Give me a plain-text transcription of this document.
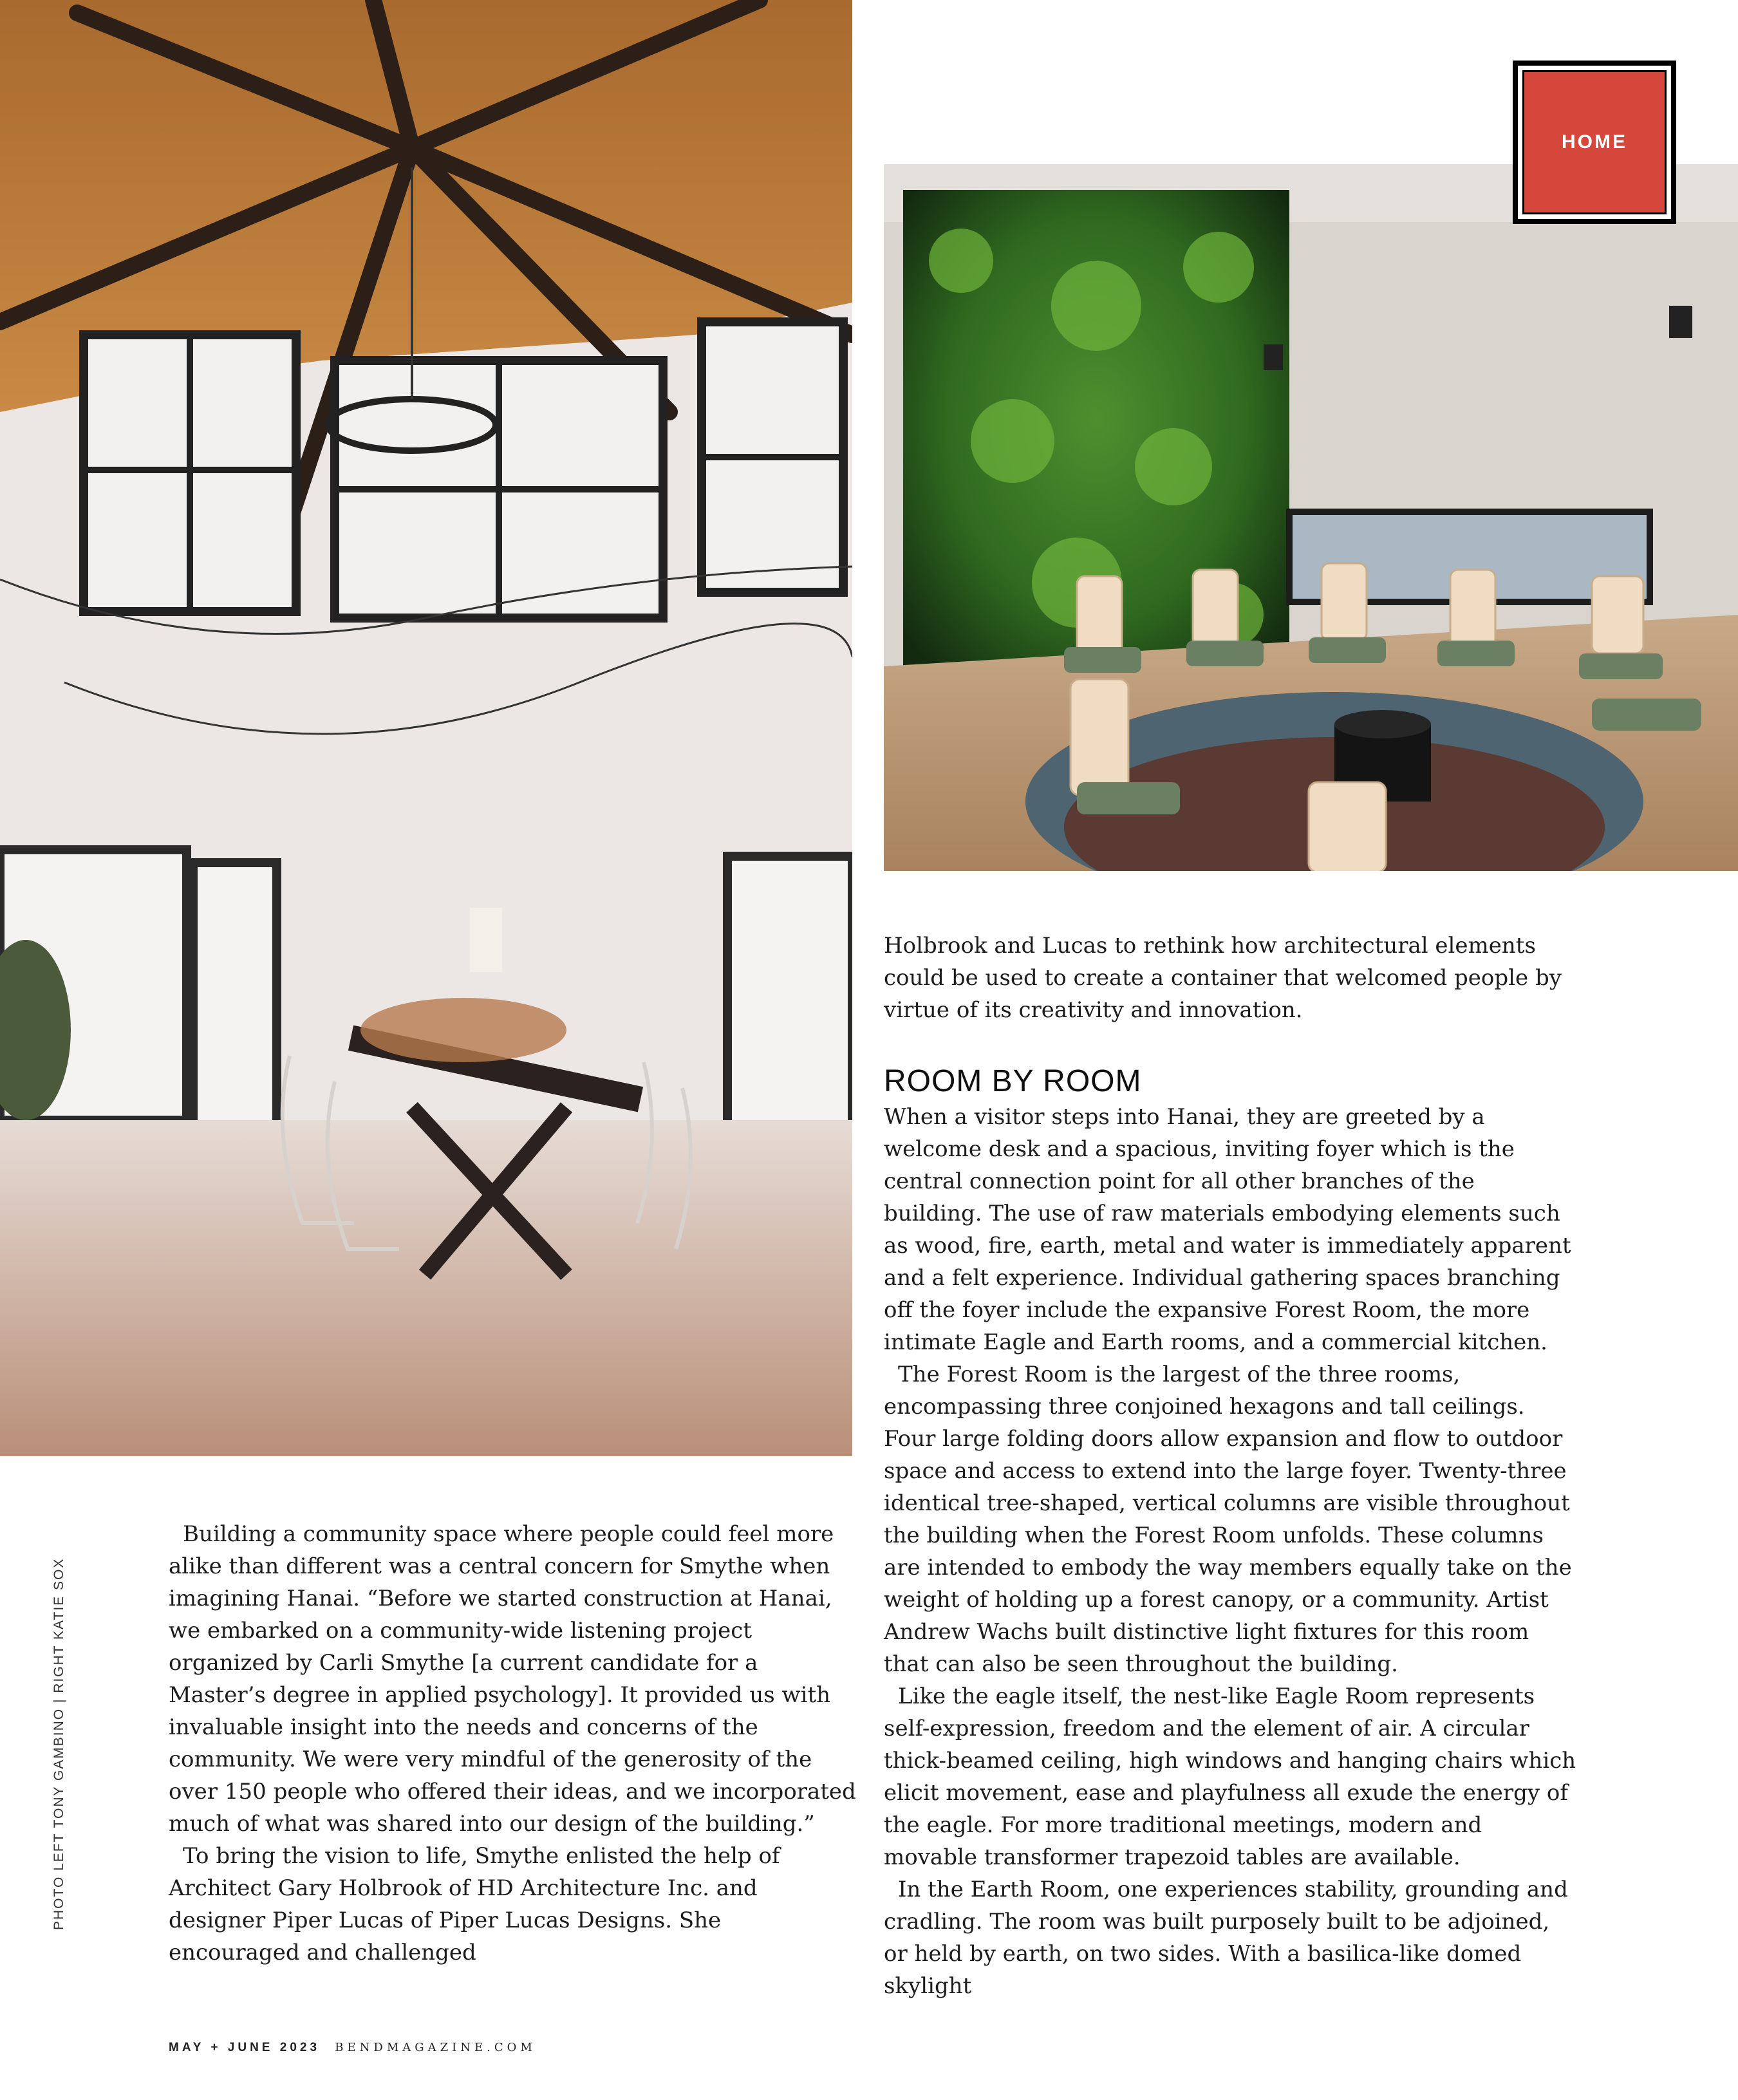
HOME
PHOTO LEFT TONY GAMBINO | RIGHT KATIE SOX

Building a community space where people could feel more alike than different was a central concern for Smythe when imagining Hanai. “Before we started construction at Hanai, we embarked on a community-wide listening project organized by Carli Smythe [a current candidate for a Master’s degree in applied psychology]. It provided us with invaluable insight into the needs and concerns of the community. We were very mindful of the generosity of the over 150 people who offered their ideas, and we incorporated much of what was shared into our design of the building.”

To bring the vision to life, Smythe enlisted the help of Architect Gary Holbrook of HD Architecture Inc. and designer Piper Lucas of Piper Lucas Designs. She encouraged and challenged

Holbrook and Lucas to rethink how architectural elements could be used to create a container that welcomed people by virtue of its creativity and innovation.

ROOM BY ROOM

When a visitor steps into Hanai, they are greeted by a welcome desk and a spacious, inviting foyer which is the central connection point for all other branches of the building. The use of raw materials embodying elements such as wood, fire, earth, metal and water is immediately apparent and a felt experience. Individual gathering spaces branching off the foyer include the expansive Forest Room, the more intimate Eagle and Earth rooms, and a commercial kitchen.

The Forest Room is the largest of the three rooms, encompassing three conjoined hexagons and tall ceilings. Four large folding doors allow expansion and flow to outdoor space and access to extend into the large foyer. Twenty-three identical tree-shaped, vertical columns are visible throughout the building when the Forest Room unfolds. These columns are intended to embody the way members equally take on the weight of holding up a forest canopy, or a community. Artist Andrew Wachs built distinctive light fixtures for this room that can also be seen throughout the building.

Like the eagle itself, the nest-like Eagle Room represents self-expression, freedom and the element of air. A circular thick-beamed ceiling, high windows and hanging chairs which elicit movement, ease and playfulness all exude the energy of the eagle. For more traditional meetings, modern and movable transformer trapezoid tables are available.

In the Earth Room, one experiences stability, grounding and cradling. The room was built purposely built to be adjoined, or held by earth, on two sides. With a basilica-like domed skylight

MAY + JUNE 2023 BENDMAGAZINE.COM
